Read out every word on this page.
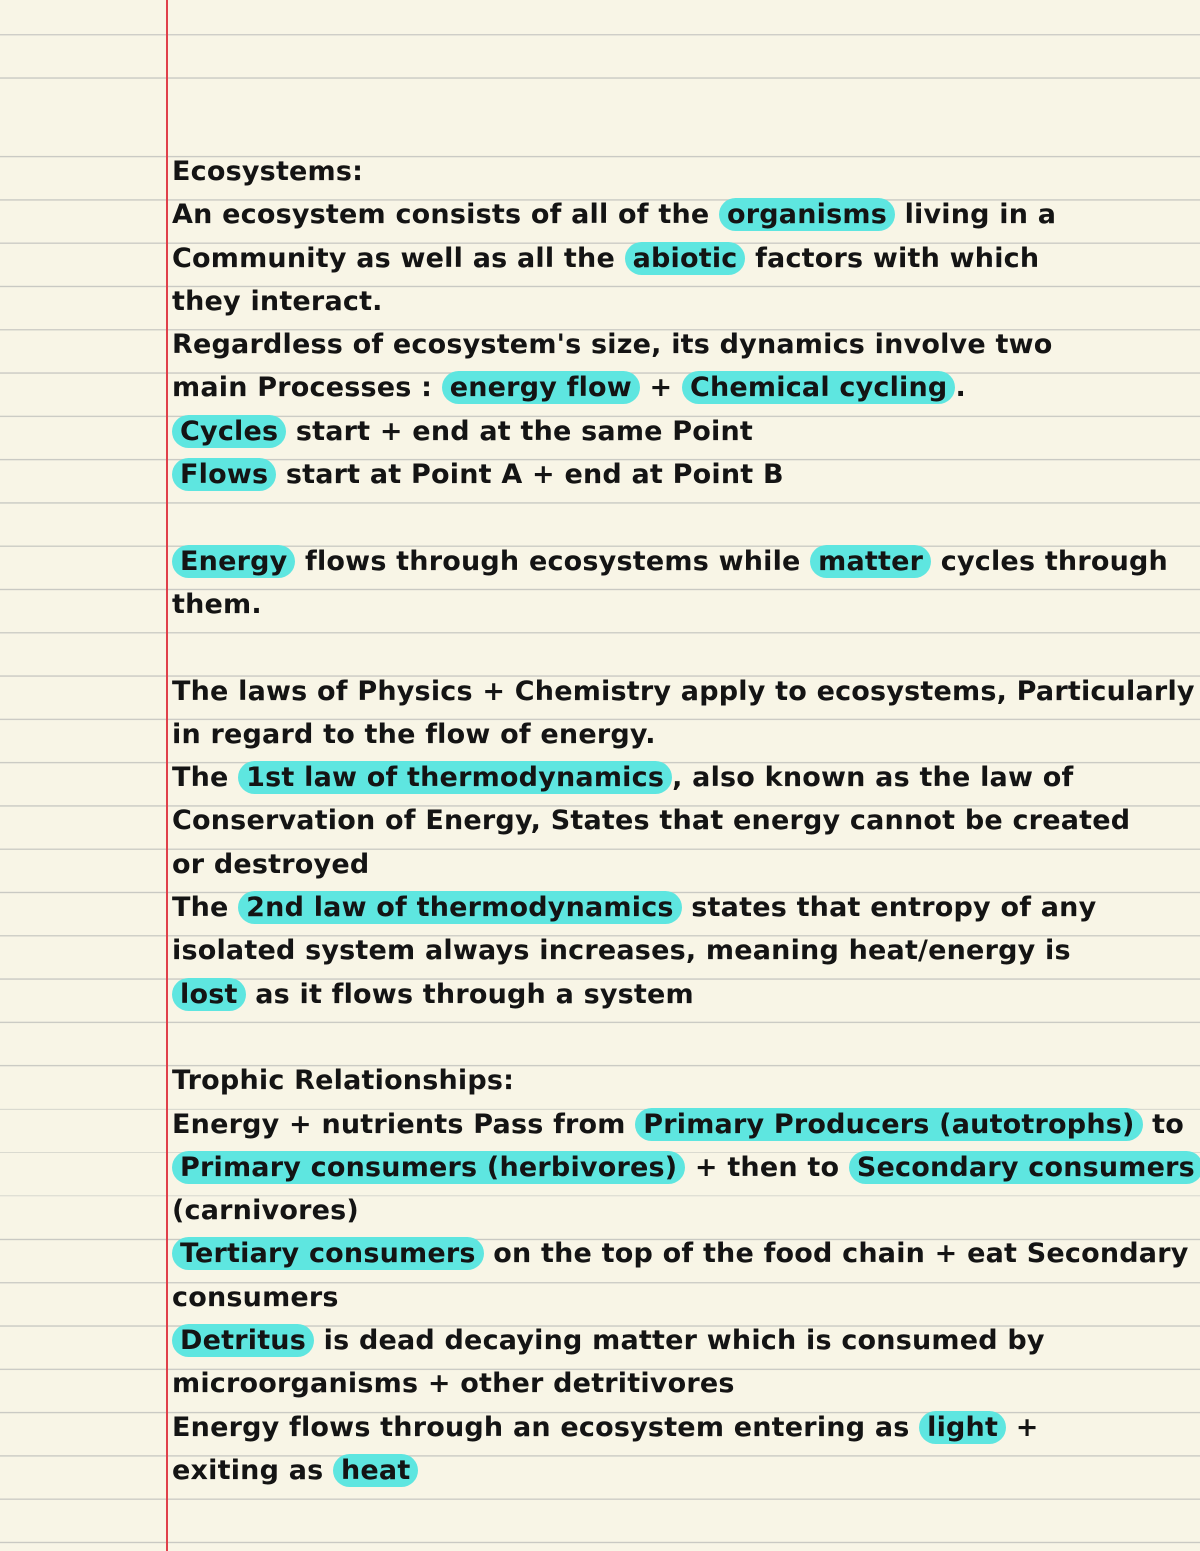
Ecosystems:
An ecosystem consists of all of the organisms living in a
Community as well as all the abiotic factors with which
they interact.
Regardless of ecosystem's size, its dynamics involve two
main Processes : energy flow + Chemical cycling .
Cycles start + end at the same Point
Flows start at Point A + end at Point B
Energy flows through ecosystems while matter cycles through
them.
The laws of Physics + Chemistry apply to ecosystems, Particularly
in regard to the flow of energy.
The 1st law of thermodynamics , also known as the law of
Conservation of Energy, States that energy cannot be created
or destroyed
The 2nd law of thermodynamics states that entropy of any
isolated system always increases, meaning heat/energy is
lost as it flows through a system
Trophic Relationships:
Energy + nutrients Pass from Primary Producers (autotrophs) to
Primary consumers (herbivores) + then to Secondary consumers
(carnivores)
Tertiary consumers on the top of the food chain + eat Secondary
consumers
Detritus is dead decaying matter which is consumed by
microorganisms + other detritivores
Energy flows through an ecosystem entering as light +
exiting as heat
